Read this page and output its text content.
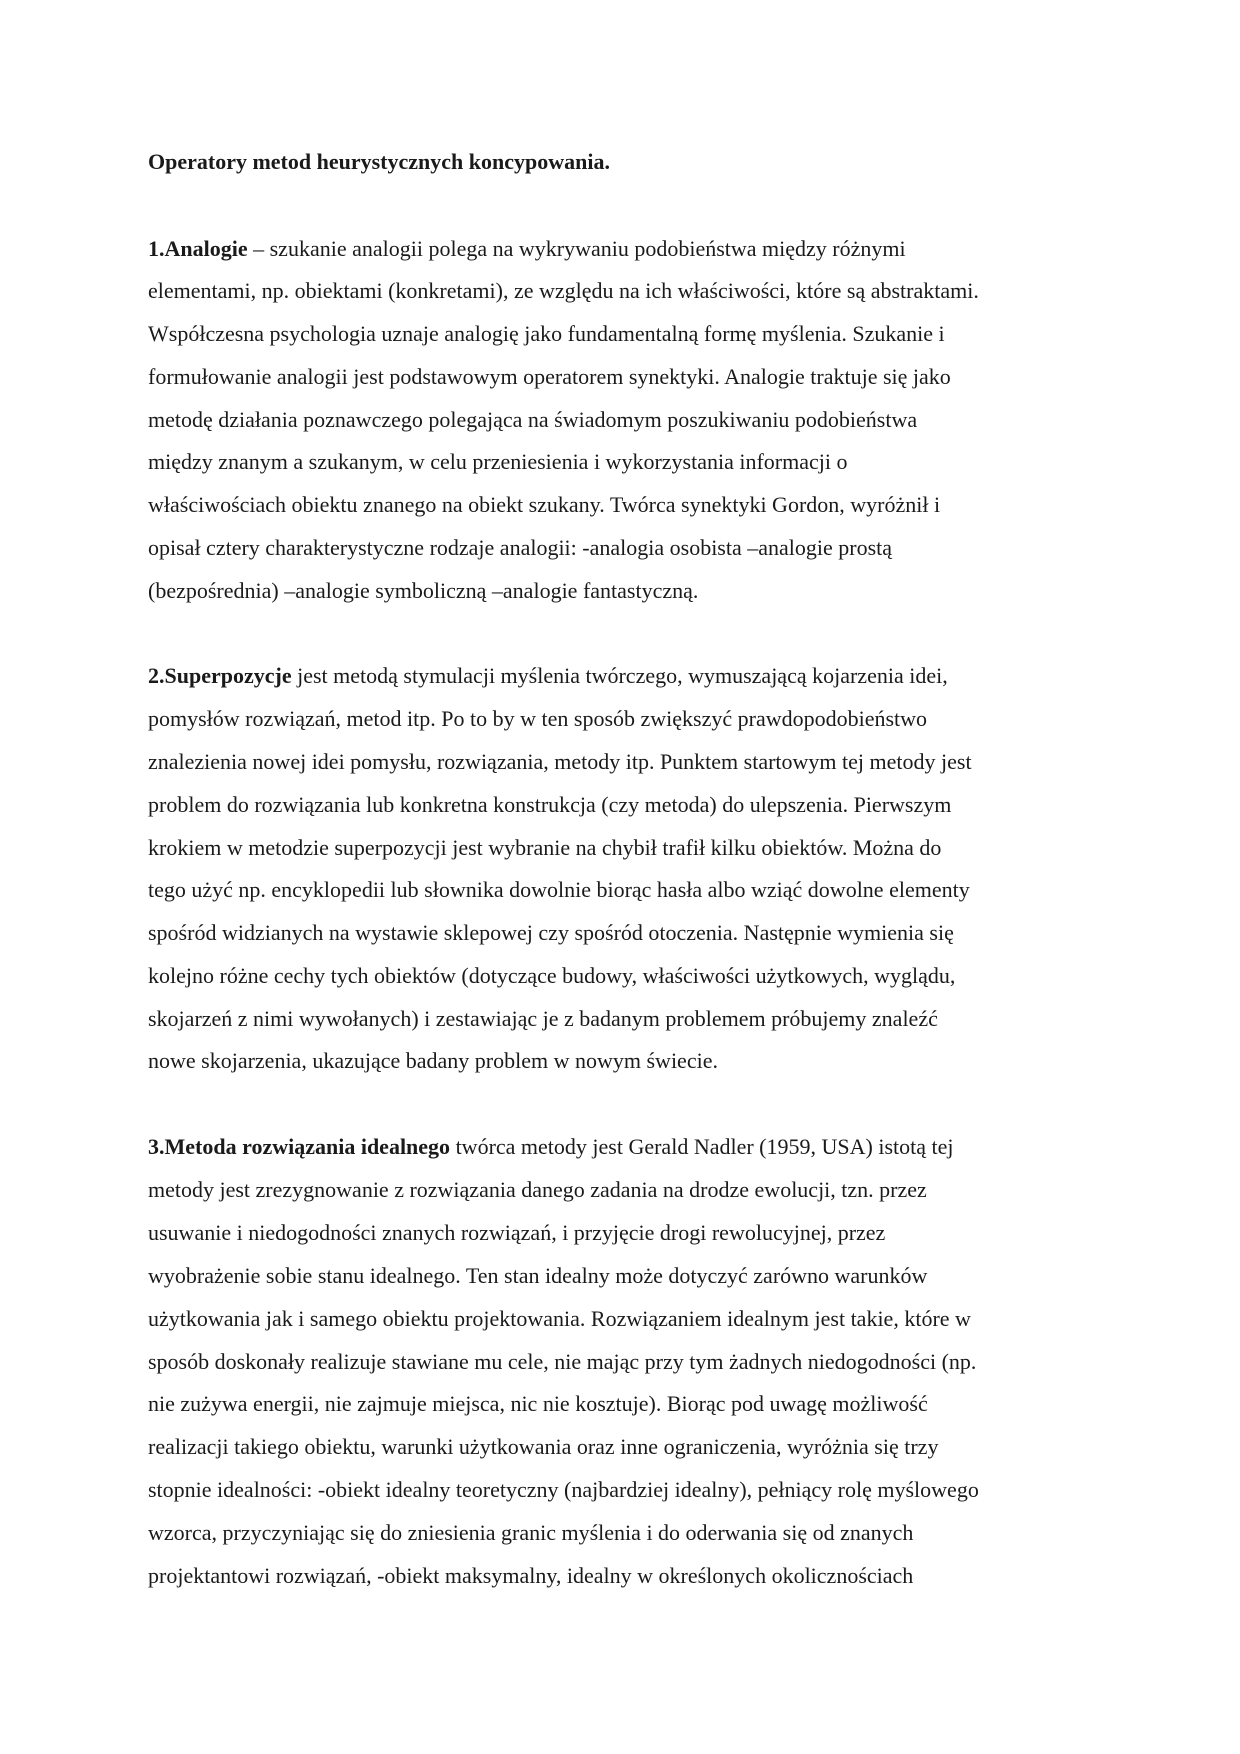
Operatory metod heurystycznych koncypowania.
1.Analogie – szukanie analogii polega na wykrywaniu podobieństwa między różnymi
elementami, np. obiektami (konkretami), ze względu na ich właściwości, które są abstraktami.
Współczesna psychologia uznaje analogię jako fundamentalną formę myślenia. Szukanie i
formułowanie analogii jest podstawowym operatorem synektyki. Analogie traktuje się jako
metodę działania poznawczego polegająca na świadomym poszukiwaniu podobieństwa
między znanym a szukanym, w celu przeniesienia i wykorzystania informacji o
właściwościach obiektu znanego na obiekt szukany. Twórca synektyki Gordon, wyróżnił i
opisał cztery charakterystyczne rodzaje analogii: -analogia osobista –analogie prostą
(bezpośrednia) –analogie symboliczną –analogie fantastyczną.
2.Superpozycje jest metodą stymulacji myślenia twórczego, wymuszającą kojarzenia idei,
pomysłów rozwiązań, metod itp. Po to by w ten sposób zwiększyć prawdopodobieństwo
znalezienia nowej idei pomysłu, rozwiązania, metody itp. Punktem startowym tej metody jest
problem do rozwiązania lub konkretna konstrukcja (czy metoda) do ulepszenia. Pierwszym
krokiem w metodzie superpozycji jest wybranie na chybił trafił kilku obiektów. Można do
tego użyć np. encyklopedii lub słownika dowolnie biorąc hasła albo wziąć dowolne elementy
spośród widzianych na wystawie sklepowej czy spośród otoczenia. Następnie wymienia się
kolejno różne cechy tych obiektów (dotyczące budowy, właściwości użytkowych, wyglądu,
skojarzeń z nimi wywołanych) i zestawiając je z badanym problemem próbujemy znaleźć
nowe skojarzenia, ukazujące badany problem w nowym świecie.
3.Metoda rozwiązania idealnego twórca metody jest Gerald Nadler (1959, USA) istotą tej
metody jest zrezygnowanie z rozwiązania danego zadania na drodze ewolucji, tzn. przez
usuwanie i niedogodności znanych rozwiązań, i przyjęcie drogi rewolucyjnej, przez
wyobrażenie sobie stanu idealnego. Ten stan idealny może dotyczyć zarówno warunków
użytkowania jak i samego obiektu projektowania. Rozwiązaniem idealnym jest takie, które w
sposób doskonały realizuje stawiane mu cele, nie mając przy tym żadnych niedogodności (np.
nie zużywa energii, nie zajmuje miejsca, nic nie kosztuje). Biorąc pod uwagę możliwość
realizacji takiego obiektu, warunki użytkowania oraz inne ograniczenia, wyróżnia się trzy
stopnie idealności: -obiekt idealny teoretyczny (najbardziej idealny), pełniący rolę myślowego
wzorca, przyczyniając się do zniesienia granic myślenia i do oderwania się od znanych
projektantowi rozwiązań, -obiekt maksymalny, idealny w określonych okolicznościach
